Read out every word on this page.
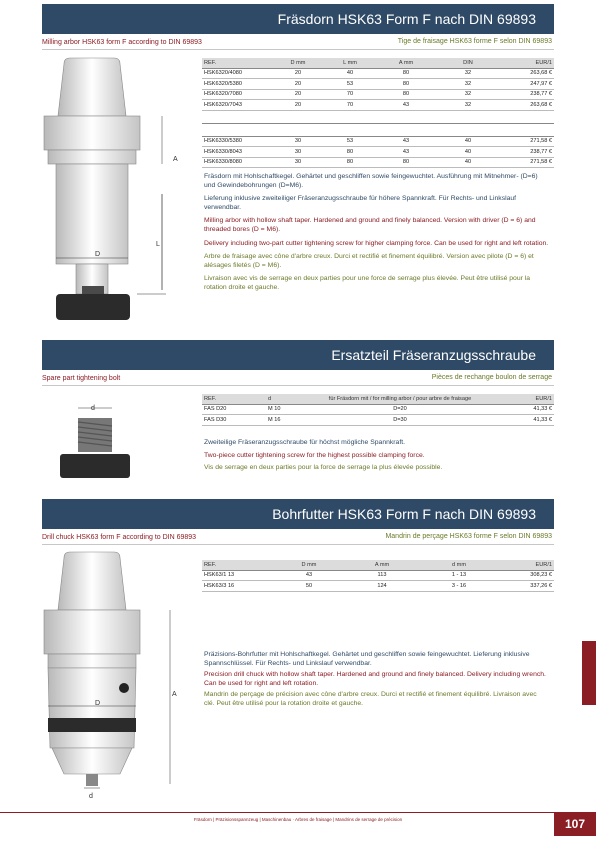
Fräsdorn HSK63 Form F nach DIN 69893
Milling arbor HSK63 form F according to DIN 69893	Tige de fraisage HSK63 forme F selon DIN 69893
A
L
D
REF.	D mm	L mm	A mm	DIN	EUR/1
HSK6320/4080	20	40	80	32	263,68 €
HSK6320/5380	20	53	80	32	247,97 €
HSK6320/7080	20	70	80	32	238,77 €
HSK6320/7043	20	70	43	32	263,68 €

HSK6330/5380	30	53	43	40	271,58 €
HSK6330/8043	30	80	43	40	238,77 €
HSK6330/8080	30	80	80	40	271,58 €

Fräsdorn mit Hohlschaftkegel. Gehärtet und geschliffen sowie feingewuchtet. Ausführung mit Mitnehmer- (D=6) und Gewindebohrungen (D=M6).

Lieferung inklusive zweiteiliger Fräseranzugsschraube für höhere Spannkraft. Für Rechts- und Linkslauf verwendbar.

Milling arbor with hollow shaft taper. Hardened and ground and finely balanced. Version with driver (D = 6) and threaded bores (D = M6).

Delivery including two-part cutter tightening screw for higher clamping force. Can be used for right and left rotation.

Arbre de fraisage avec cône d'arbre creux. Durci et rectifié et finement équilibré. Version avec pilote (D = 6) et alésages filetés (D = M6).

Livraison avec vis de serrage en deux parties pour une force de serrage plus élevée. Peut être utilisé pour la rotation droite et gauche.

Ersatzteil Fräseranzugsschraube
Spare part tightening bolt	Pièces de rechange boulon de serrage
d
REF.	d	für Fräsdorn mit / for milling arbor / pour arbre de fraisage	EUR/1
FAS D20	M 10	D=20	41,33 €
FAS D30	M 16	D=30	41,33 €

Zweiteilige Fräseranzugsschraube für höchst mögliche Spannkraft.

Two-piece cutter tightening screw for the highest possible clamping force.

Vis de serrage en deux parties pour la force de serrage la plus élevée possible.

Bohrfutter HSK63 Form F nach DIN 69893
Drill chuck HSK63 form F according to DIN 69893	Mandrin de perçage HSK63 forme F selon DIN 69893
A
D
d
REF.	D mm	A mm	d mm	EUR/1
HSK63/1 13	43	113	1 - 13	308,23 €
HSK63/3 16	50	124	3 - 16	337,26 €

Präzisions-Bohrfutter mit Hohlschaftkegel. Gehärtet und geschliffen sowie feingewuchtet. Lieferung inklusive Spannschlüssel. Für Rechts- und Linkslauf verwendbar.

Precision drill chuck with hollow shaft taper. Hardened and ground and finely balanced. Delivery including wrench. Can be used for right and left rotation.

Mandrin de perçage de précision avec cône d'arbre creux. Durci et rectifié et finement équilibré. Livraison avec clé. Peut être utilisé pour la rotation droite et gauche.

Fräsdorn | Präzisionsspannzeug | Maschinenbau · Arbres de fraisage | Mandrins de serrage de précision	107
